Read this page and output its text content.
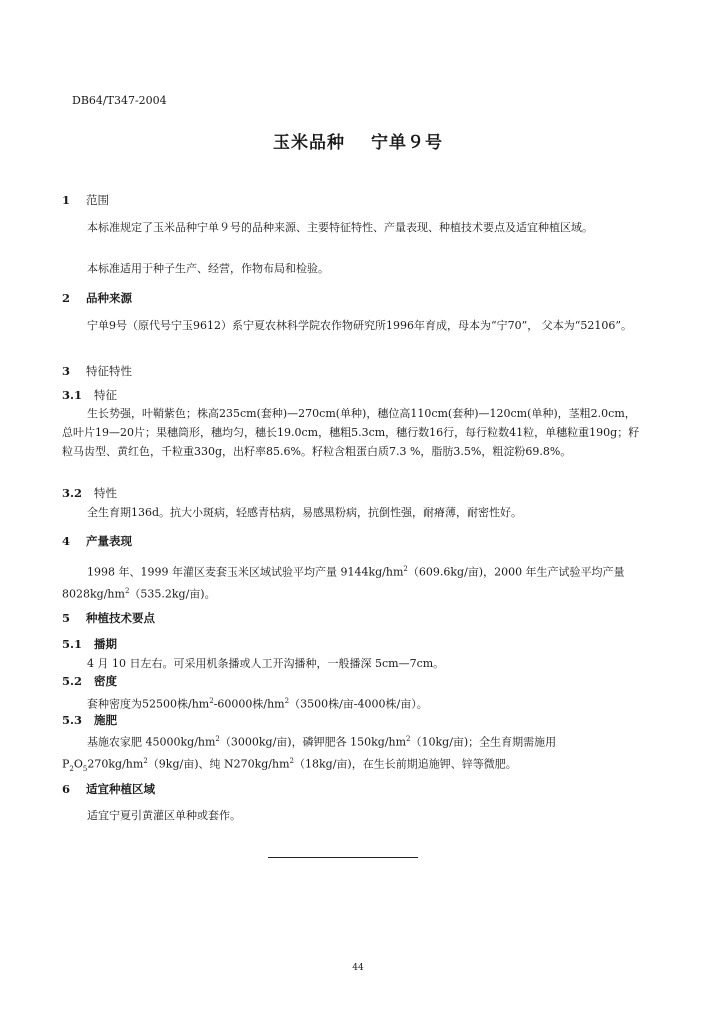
DB64/T347-2004
玉米品种 宁单９号
1 范围
本标准规定了玉米品种宁单９号的品种来源、主要特征特性、产量表现、种植技术要点及适宜种植区域。
本标准适用于种子生产、经营，作物布局和检验。
2 品种来源
宁单9号（原代号宁玉9612）系宁夏农林科学院农作物研究所1996年育成，母本为“宁70”， 父本为“52106”。
3 特征特性
3.1 特征
生长势强，叶鞘紫色；株高235cm(套种)—270cm(单种)，穗位高110cm(套种)—120cm(单种)，茎粗2.0cm，总叶片19—20片；果穗筒形，穗均匀，穗长19.0cm，穗粗5.3cm，穗行数16行，每行粒数41粒，单穗粒重190g；籽粒马齿型、黄红色，千粒重330g，出籽率85.6%。籽粒含粗蛋白质7.3 %，脂肪3.5%，粗淀粉69.8%。
3.2 特性
全生育期136d。抗大小斑病，轻感青枯病，易感黑粉病，抗倒性强，耐瘠薄，耐密性好。
4 产量表现
1998 年、1999 年灌区麦套玉米区域试验平均产量 $9144kg/hm^2(609.6kg/$亩)，2000 年生产试验平均产量 $8028kg/hm^2(535.2kg/$亩)。
5 种植技术要点
5.1 播期
4 月 10 日左右。可采用机条播或人工开沟播种，一般播深 5cm—7cm。
5.2 密度
套种密度为52500株$/hm^2-60000$株$/hm^2(3500$株/亩-4000株/亩）。
5.3 施肥
基施农家肥 $45000kg/hm^2(3000kg/$亩)，磷钾肥各 $150kg/hm^2(10kg/$亩)；全生育期需施用 $P_2O_5270kg/hm^2(9kg/$亩)、纯 $N270kg/hm^2(18kg/$亩)，在生长前期追施钾、锌等微肥。
6 适宜种植区域
适宜宁夏引黄灌区单种或套作。
44
